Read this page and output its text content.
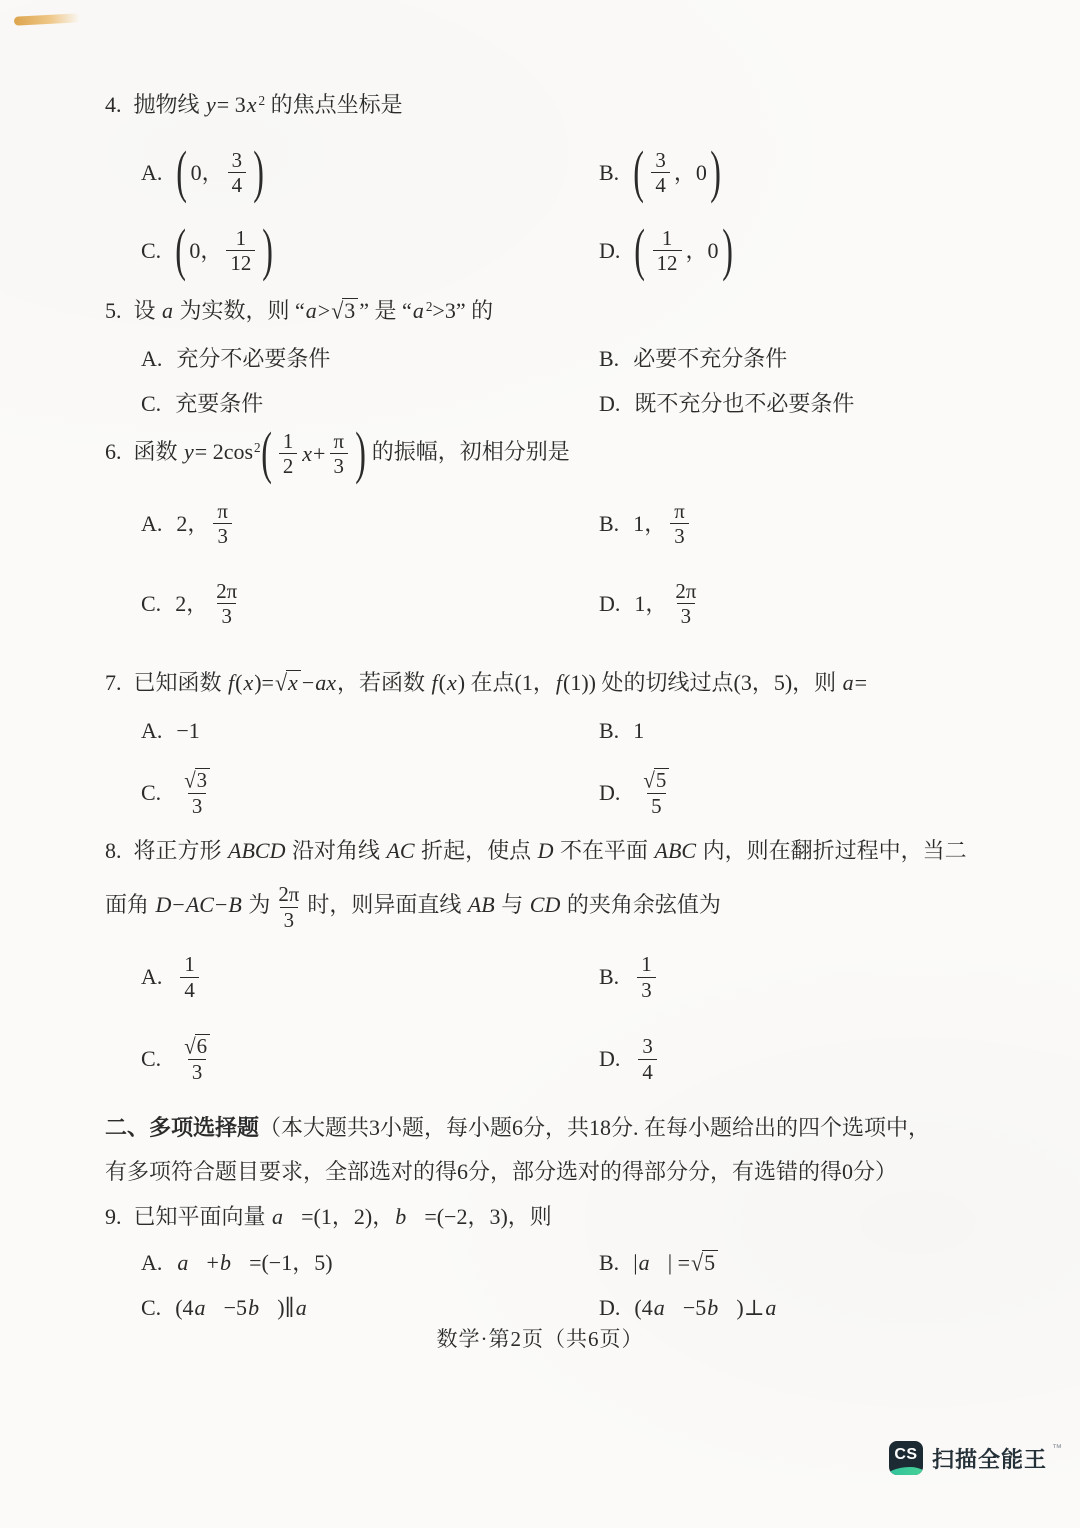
4. 抛物线 y= 3x $^2$ 的焦点坐标是
A. ( 0， $\frac{3}{4}$ )	B. ( $\frac{3}{4}$ ，0 )
C. ( 0， $\frac{1}{12}$ )	D. ( $\frac{1}{12}$ ，0 )
5. 设 a 为实数，则 “a>√3 ” 是 “a $^2$>3” 的
A. 充分不必要条件	B. 必要不充分条件
C. 充要条件	D. 既不充分也不必要条件
6. 函数 $y= 2\cos^2$ ( $\frac{1}{2}$ $x + \frac{\pi}{3}$ ) 的振幅，初相分别是
A. 2， $\frac{\pi}{3}$	B. 1， $\frac{\pi}{3}$
C. 2， $\frac{2\pi}{3}$	D. 1， $\frac{2\pi}{3}$
7. 已知函数 f(x)=√x −ax，若函数 f(x) 在点(1，f(1)) 处的切线过点(3，5)，则 a=
A. −1	B. 1
C. $\frac{√3}{3}$	D. $\frac{√5}{5}$
8. 将正方形 ABCD 沿对角线 AC 折起，使点 D 不在平面 ABC 内，则在翻折过程中，当二
面角 D−AC−B 为 $\frac{2\pi}{3}$ 时，则异面直线 AB 与 CD 的夹角余弦值为
A. $\frac{1}{4}$	B. $\frac{1}{3}$
C. $\frac{√6}{3}$	D. $\frac{3}{4}$
9. 已知平面向量 a⃗=(1，2)，b⃗=(−2，3)，则
A. a⃗ + b⃗ =(−1，5)	B. | a⃗ | = √5
C. (4 a⃗ −5 b⃗ )∥ a⃗	D. (4 a⃗ −5 b⃗ )⊥ a⃗
二、多项选择题（本大题共3小题，每小题6分，共18分. 在每小题给出的四个选项中，
有多项符合题目要求，全部选对的得6分，部分选对的得部分分，有选错的得0分）
数学·第2页（共6页）
CS 扫描全能王 ™
